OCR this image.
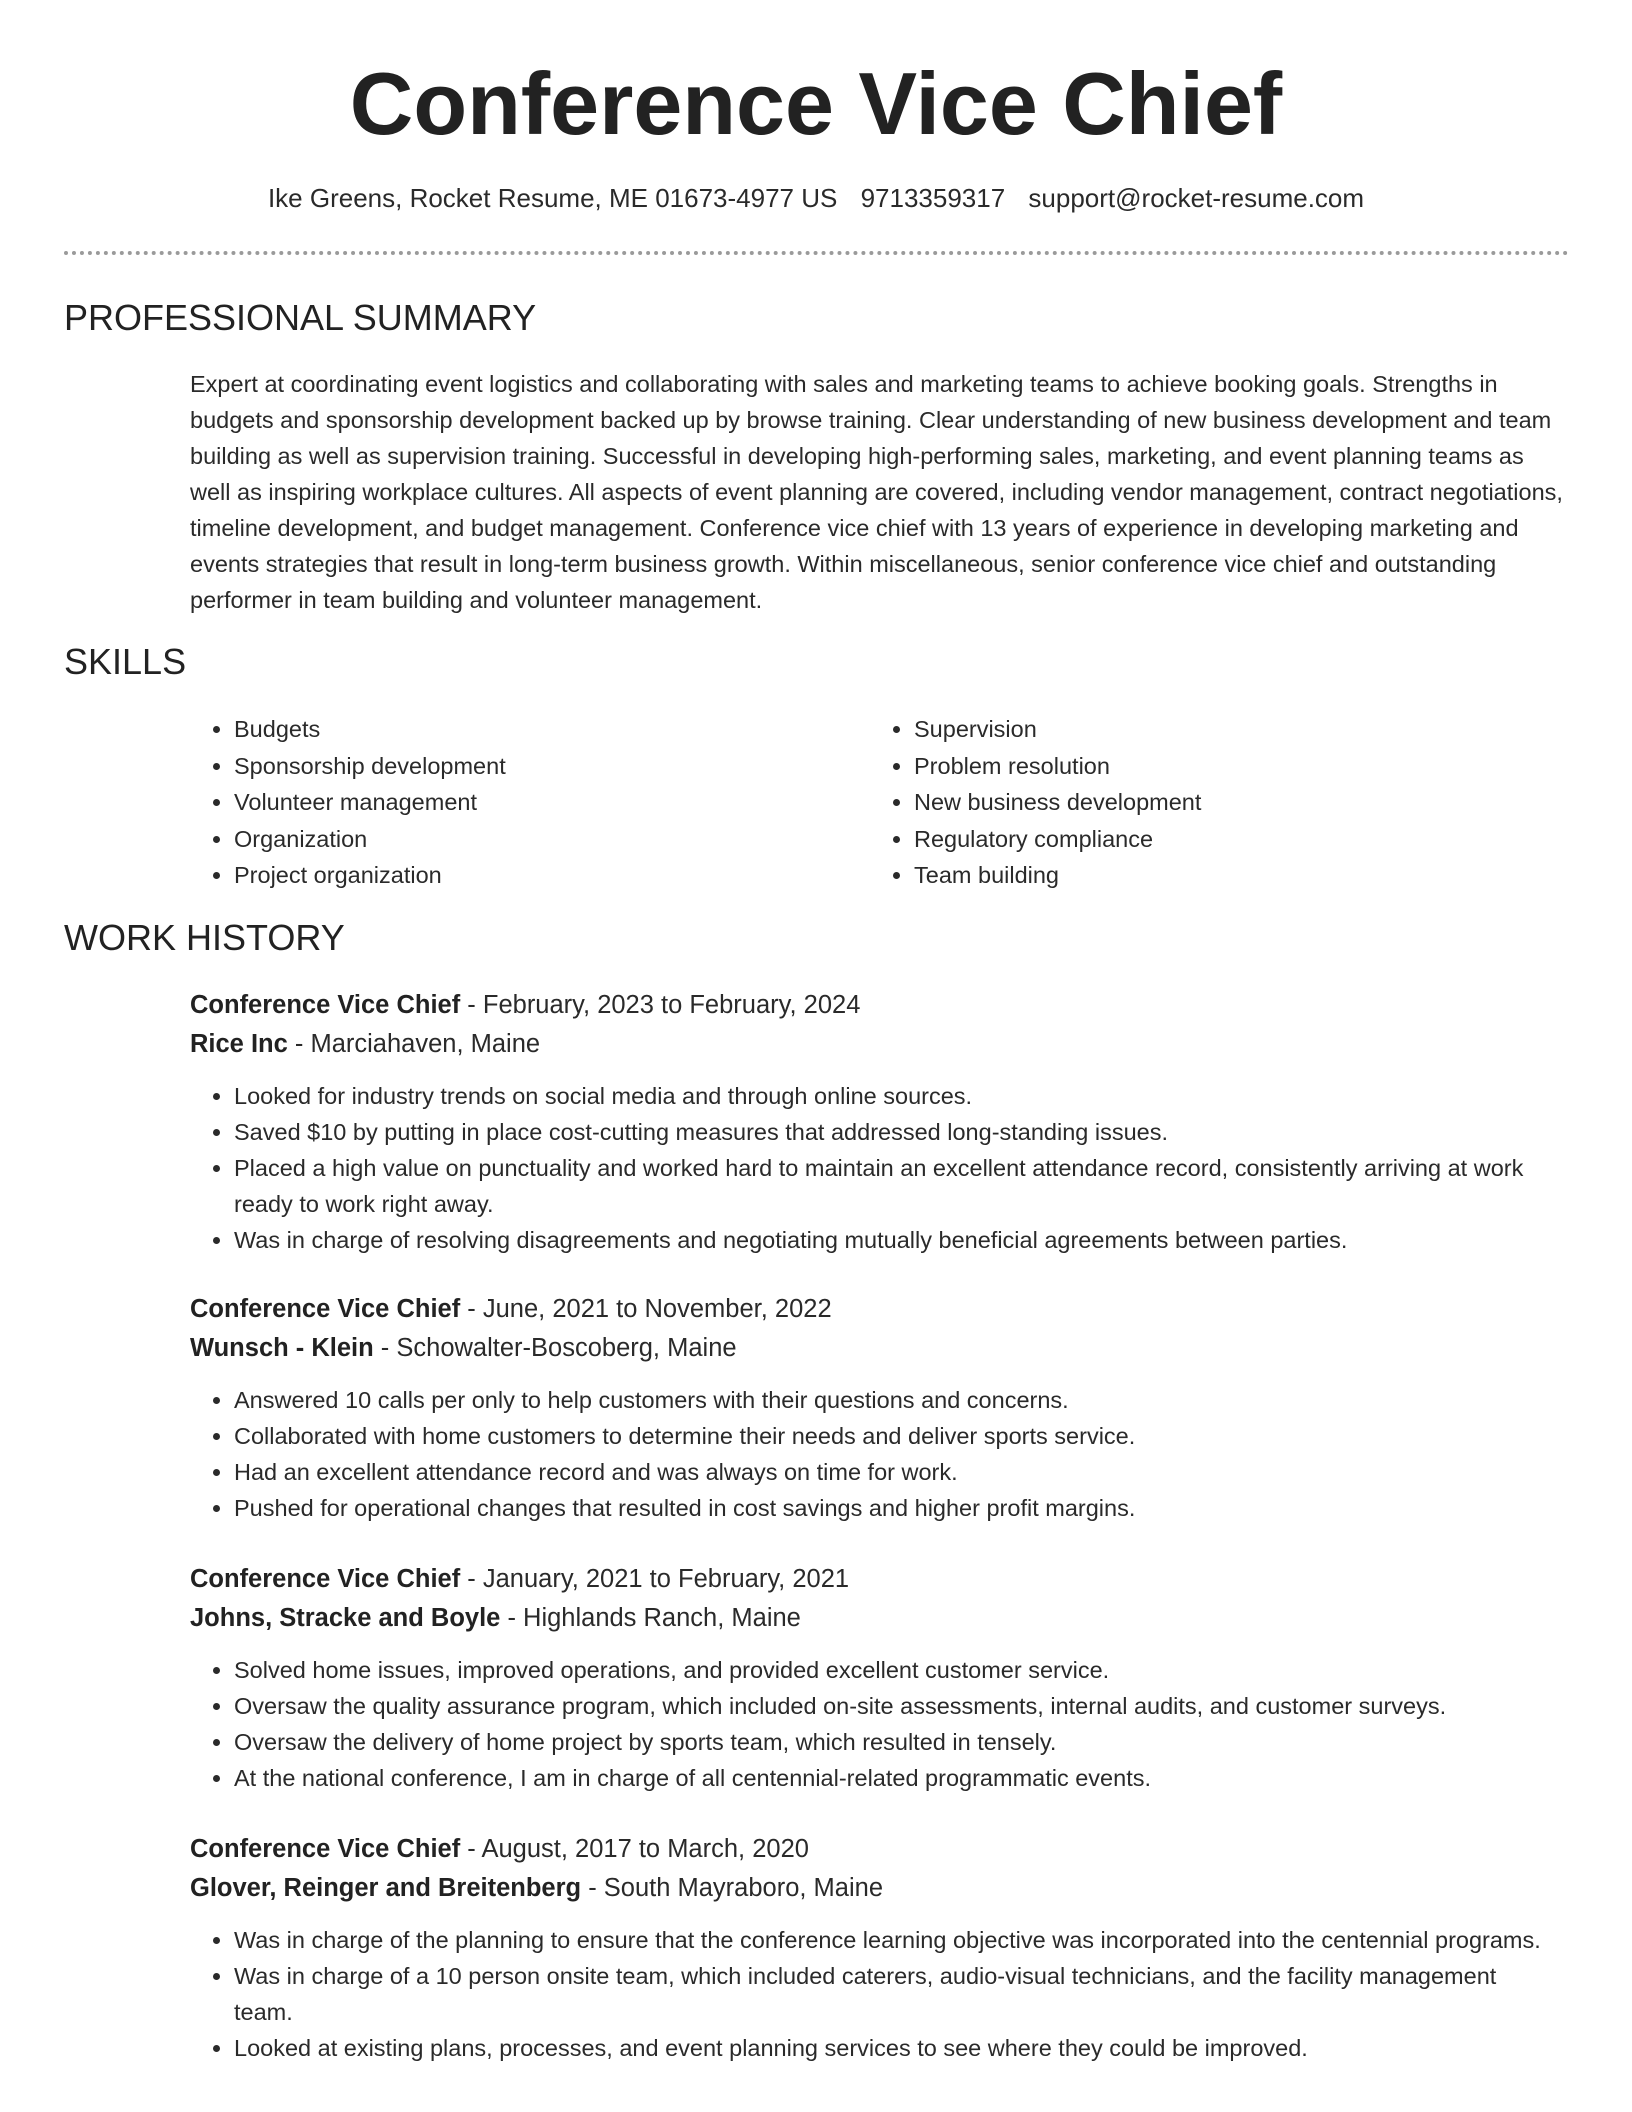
Conference Vice Chief
Ike Greens, Rocket Resume, ME 01673-4977 US 9713359317 support@rocket-resume.com
PROFESSIONAL SUMMARY

Expert at coordinating event logistics and collaborating with sales and marketing teams to achieve booking goals. Strengths in budgets and sponsorship development backed up by browse training. Clear understanding of new business development and team building as well as supervision training. Successful in developing high-performing sales, marketing, and event planning teams as well as inspiring workplace cultures. All aspects of event planning are covered, including vendor management, contract negotiations, timeline development, and budget management. Conference vice chief with 13 years of experience in developing marketing and events strategies that result in long-term business growth. Within miscellaneous, senior conference vice chief and outstanding performer in team building and volunteer management.

SKILLS
• Budgets
• Sponsorship development
• Volunteer management
• Organization
• Project organization
• Supervision
• Problem resolution
• New business development
• Regulatory compliance
• Team building
WORK HISTORY

Conference Vice Chief - February, 2023 to February, 2024

Rice Inc - Marciahaven, Maine

• Looked for industry trends on social media and through online sources.
• Saved $10 by putting in place cost-cutting measures that addressed long-standing issues.
• Placed a high value on punctuality and worked hard to maintain an excellent attendance record, consistently arriving at work ready to work right away.
• Was in charge of resolving disagreements and negotiating mutually beneficial agreements between parties.

Conference Vice Chief - June, 2021 to November, 2022

Wunsch - Klein - Schowalter-Boscoberg, Maine

• Answered 10 calls per only to help customers with their questions and concerns.
• Collaborated with home customers to determine their needs and deliver sports service.
• Had an excellent attendance record and was always on time for work.
• Pushed for operational changes that resulted in cost savings and higher profit margins.

Conference Vice Chief - January, 2021 to February, 2021

Johns, Stracke and Boyle - Highlands Ranch, Maine

• Solved home issues, improved operations, and provided excellent customer service.
• Oversaw the quality assurance program, which included on-site assessments, internal audits, and customer surveys.
• Oversaw the delivery of home project by sports team, which resulted in tensely.
• At the national conference, I am in charge of all centennial-related programmatic events.

Conference Vice Chief - August, 2017 to March, 2020

Glover, Reinger and Breitenberg - South Mayraboro, Maine

• Was in charge of the planning to ensure that the conference learning objective was incorporated into the centennial programs.
• Was in charge of a 10 person onsite team, which included caterers, audio-visual technicians, and the facility management team.
• Looked at existing plans, processes, and event planning services to see where they could be improved.
